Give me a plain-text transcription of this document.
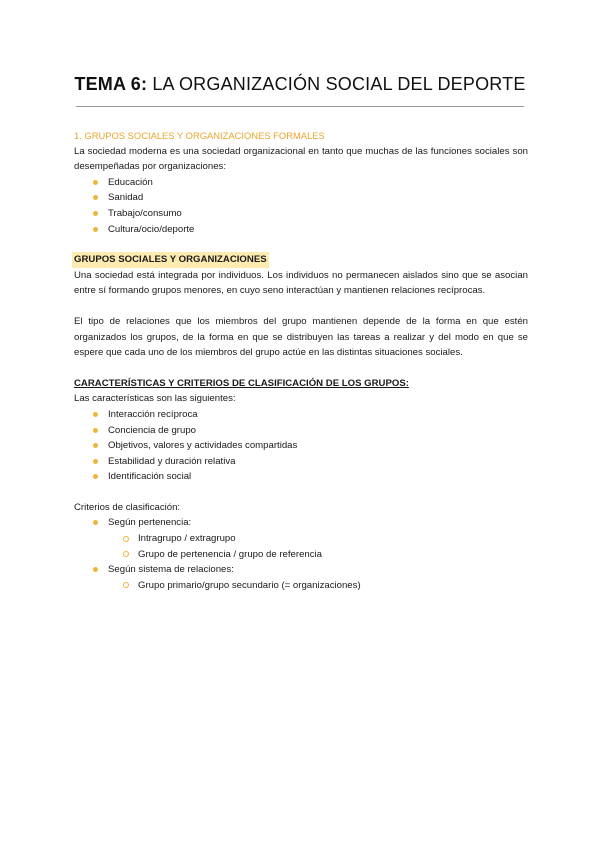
TEMA 6: LA ORGANIZACIÓN SOCIAL DEL DEPORTE

1. GRUPOS SOCIALES Y ORGANIZACIONES FORMALES

La sociedad moderna es una sociedad organizacional en tanto que muchas de las funciones sociales son desempeñadas por organizaciones:

Educación
Sanidad
Trabajo/consumo
Cultura/ocio/deporte

GRUPOS SOCIALES Y ORGANIZACIONES

Una sociedad está integrada por individuos. Los individuos no permanecen aislados sino que se asocian entre sí formando grupos menores, en cuyo seno interactúan y mantienen relaciones recíprocas.

El tipo de relaciones que los miembros del grupo mantienen depende de la forma en que estén organizados los grupos, de la forma en que se distribuyen las tareas a realizar y del modo en que se espere que cada uno de los miembros del grupo actúe en las distintas situaciones sociales.

CARACTERÍSTICAS Y CRITERIOS DE CLASIFICACIÓN DE LOS GRUPOS:

Las características son las siguientes:

Interacción recíproca
Conciencia de grupo
Objetivos, valores y actividades compartidas
Estabilidad y duración relativa
Identificación social

Criterios de clasificación:

Según pertenencia:
Intragrupo / extragrupo
Grupo de pertenencia / grupo de referencia
Según sistema de relaciones:
Grupo primario/grupo secundario (= organizaciones)
